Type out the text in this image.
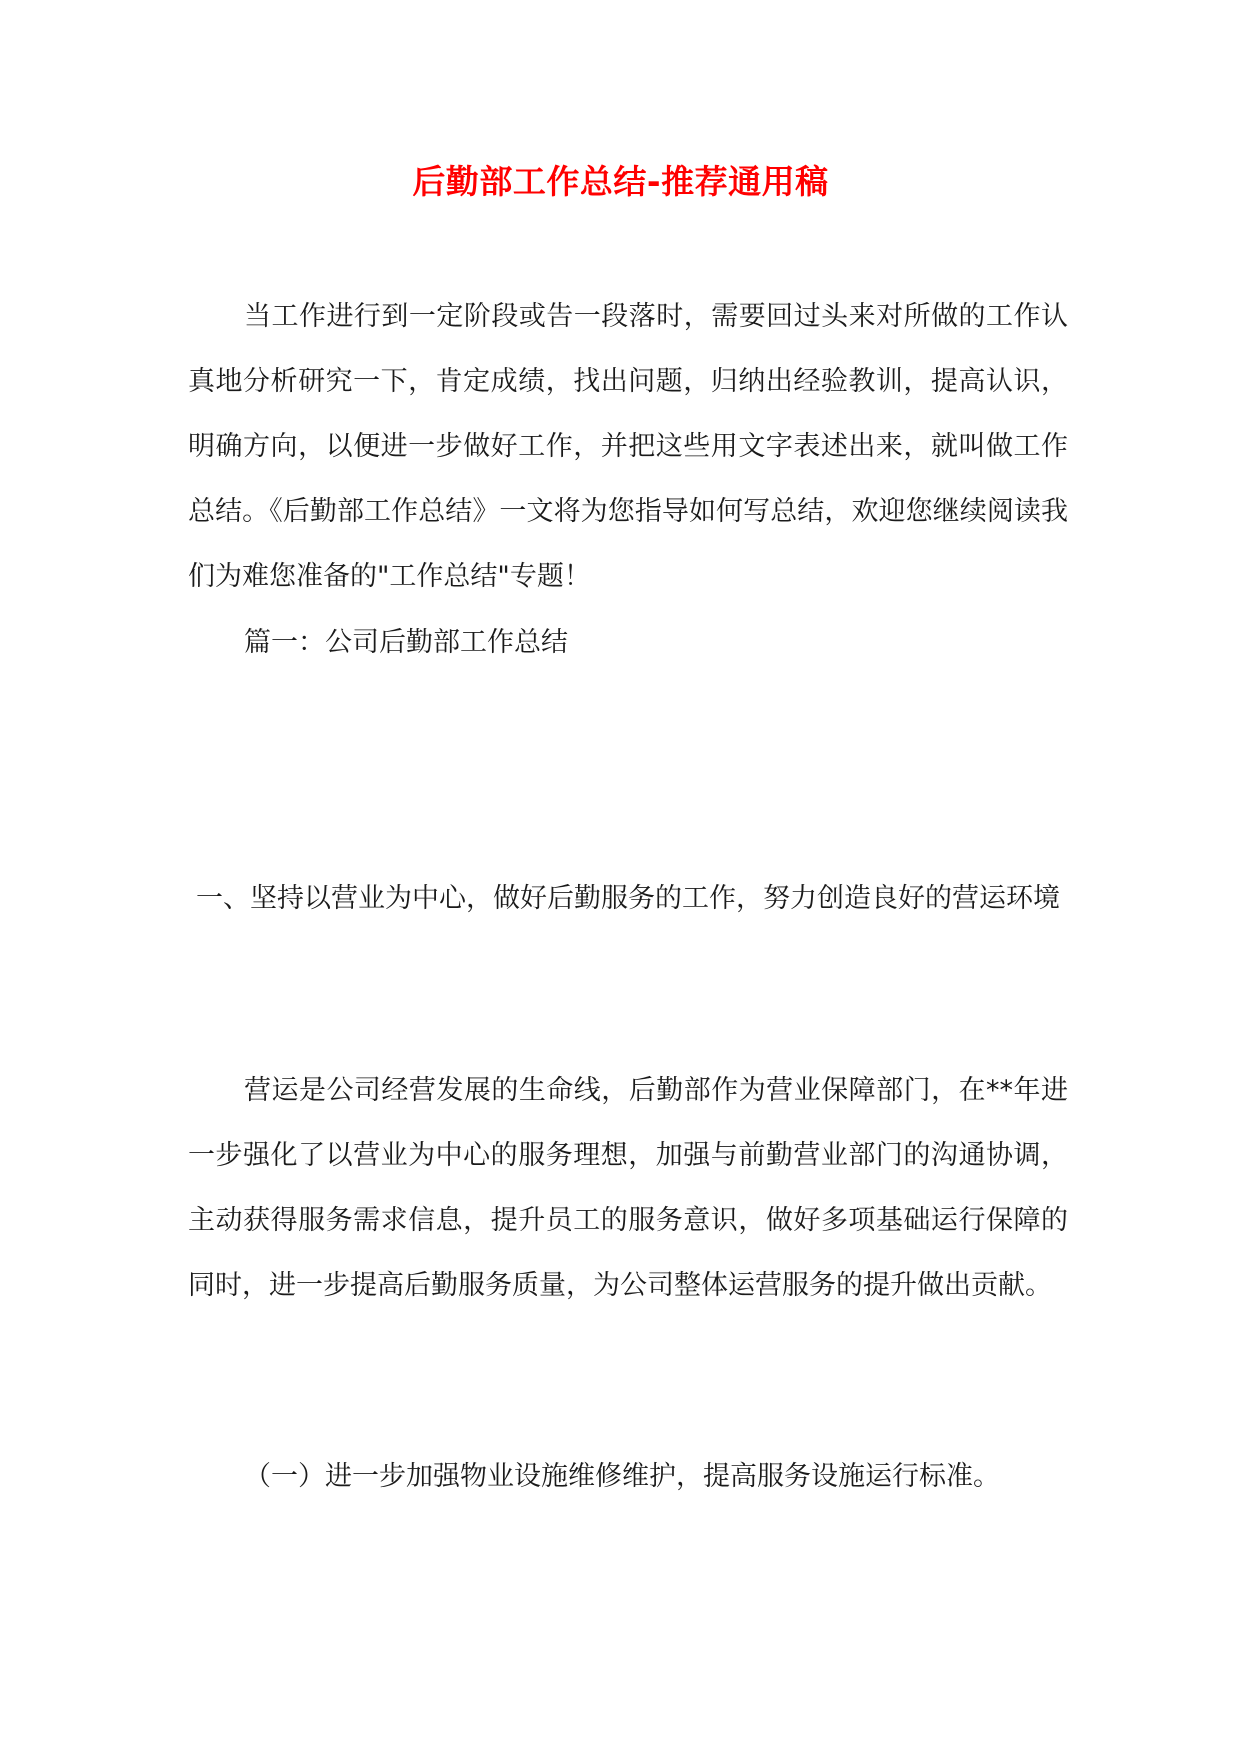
后勤部工作总结-推荐通用稿
当工作进行到一定阶段或告一段落时，需要回过头来对所做的工作认真地分析研究一下，肯定成绩，找出问题，归纳出经验教训，提高认识，明确方向，以便进一步做好工作，并把这些用文字表述出来，就叫做工作总结。《后勤部工作总结》一文将为您指导如何写总结，欢迎您继续阅读我们为难您准备的"工作总结"专题！
篇一：公司后勤部工作总结
一、坚持以营业为中心，做好后勤服务的工作，努力创造良好的营运环境
营运是公司经营发展的生命线，后勤部作为营业保障部门，在**年进一步强化了以营业为中心的服务理想，加强与前勤营业部门的沟通协调，主动获得服务需求信息，提升员工的服务意识，做好多项基础运行保障的同时，进一步提高后勤服务质量，为公司整体运营服务的提升做出贡献。
（一）进一步加强物业设施维修维护，提高服务设施运行标准。
